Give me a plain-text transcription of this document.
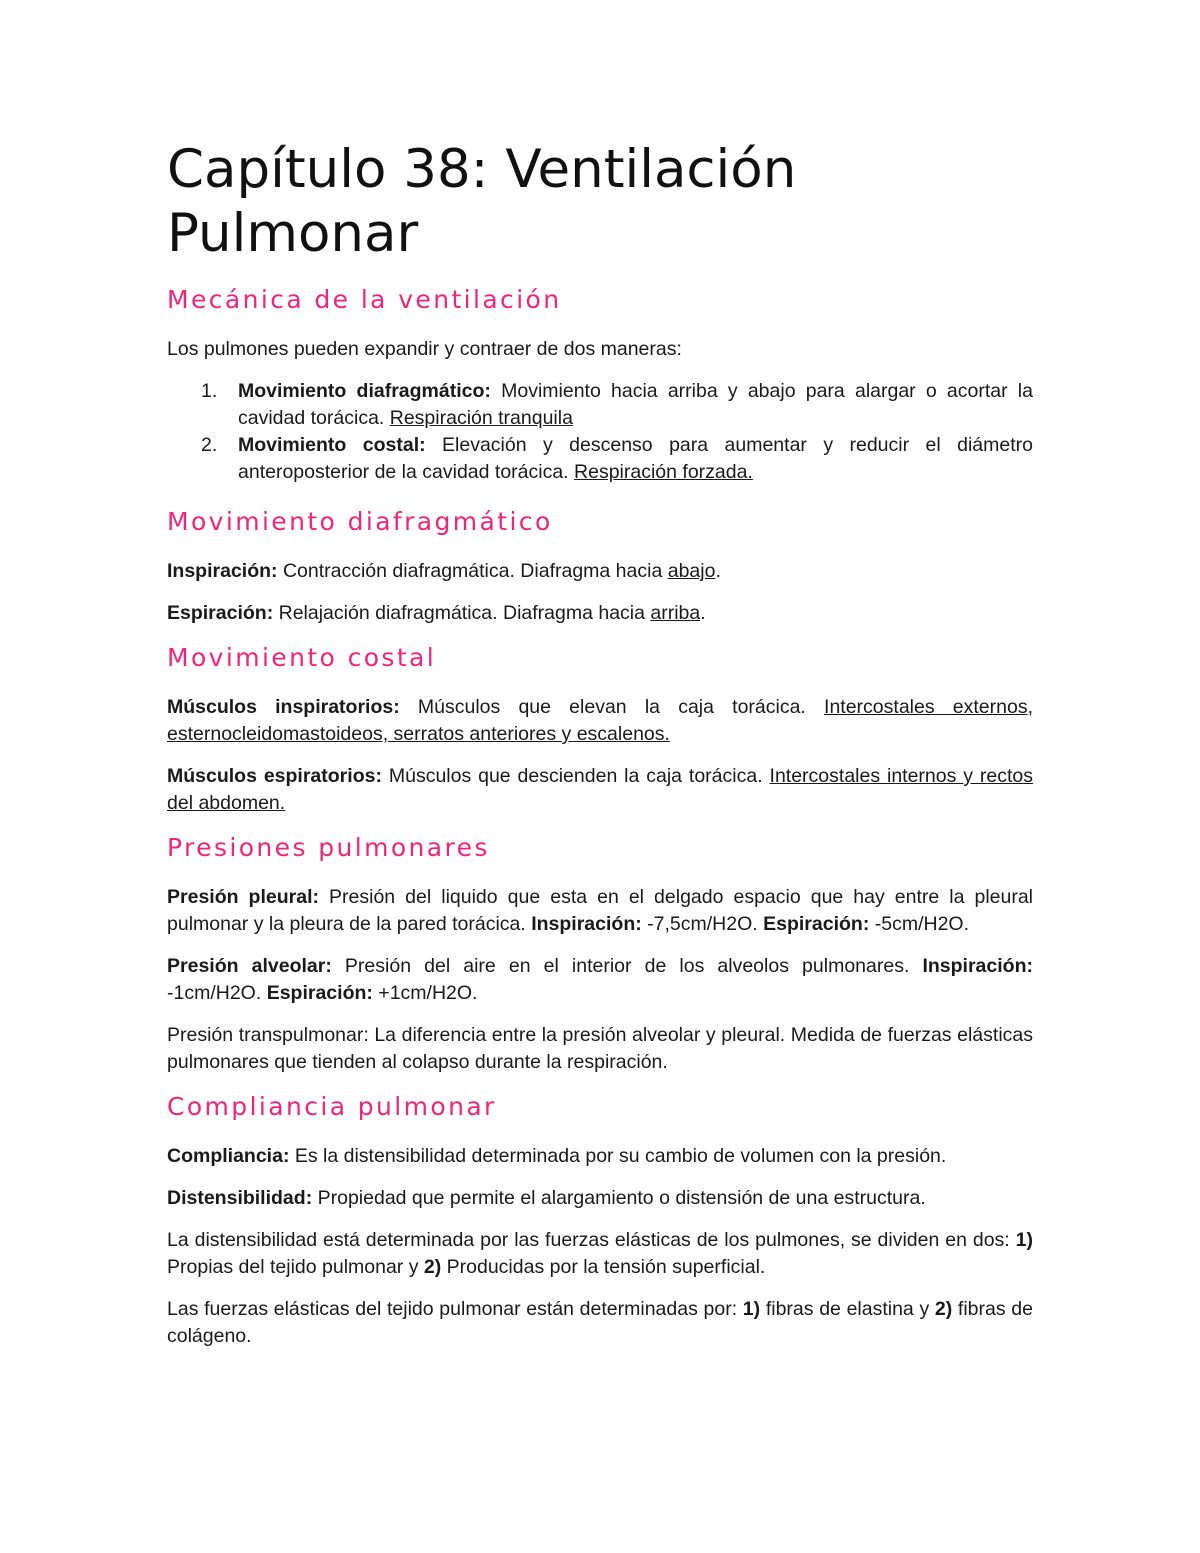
Capítulo 38: Ventilación Pulmonar
Mecánica de la ventilación

Los pulmones pueden expandir y contraer de dos maneras:

1. Movimiento diafragmático: Movimiento hacia arriba y abajo para alargar o acortar la cavidad torácica. Respiración tranquila
2. Movimiento costal: Elevación y descenso para aumentar y reducir el diámetro anteroposterior de la cavidad torácica. Respiración forzada.
Movimiento diafragmático

Inspiración: Contracción diafragmática. Diafragma hacia abajo.

Espiración: Relajación diafragmática. Diafragma hacia arriba.

Movimiento costal

Músculos inspiratorios: Músculos que elevan la caja torácica. Intercostales externos, esternocleidomastoideos, serratos anteriores y escalenos.

Músculos espiratorios: Músculos que descienden la caja torácica. Intercostales internos y rectos del abdomen.

Presiones pulmonares

Presión pleural: Presión del liquido que esta en el delgado espacio que hay entre la pleural pulmonar y la pleura de la pared torácica. Inspiración: -7,5cm/H2O. Espiración: -5cm/H2O.

Presión alveolar: Presión del aire en el interior de los alveolos pulmonares. Inspiración: -1cm/H2O. Espiración: +1cm/H2O.

Presión transpulmonar: La diferencia entre la presión alveolar y pleural. Medida de fuerzas elásticas pulmonares que tienden al colapso durante la respiración.

Compliancia pulmonar

Compliancia: Es la distensibilidad determinada por su cambio de volumen con la presión.

Distensibilidad: Propiedad que permite el alargamiento o distensión de una estructura.

La distensibilidad está determinada por las fuerzas elásticas de los pulmones, se dividen en dos: 1) Propias del tejido pulmonar y 2) Producidas por la tensión superficial.

Las fuerzas elásticas del tejido pulmonar están determinadas por: 1) fibras de elastina y 2) fibras de colágeno.
